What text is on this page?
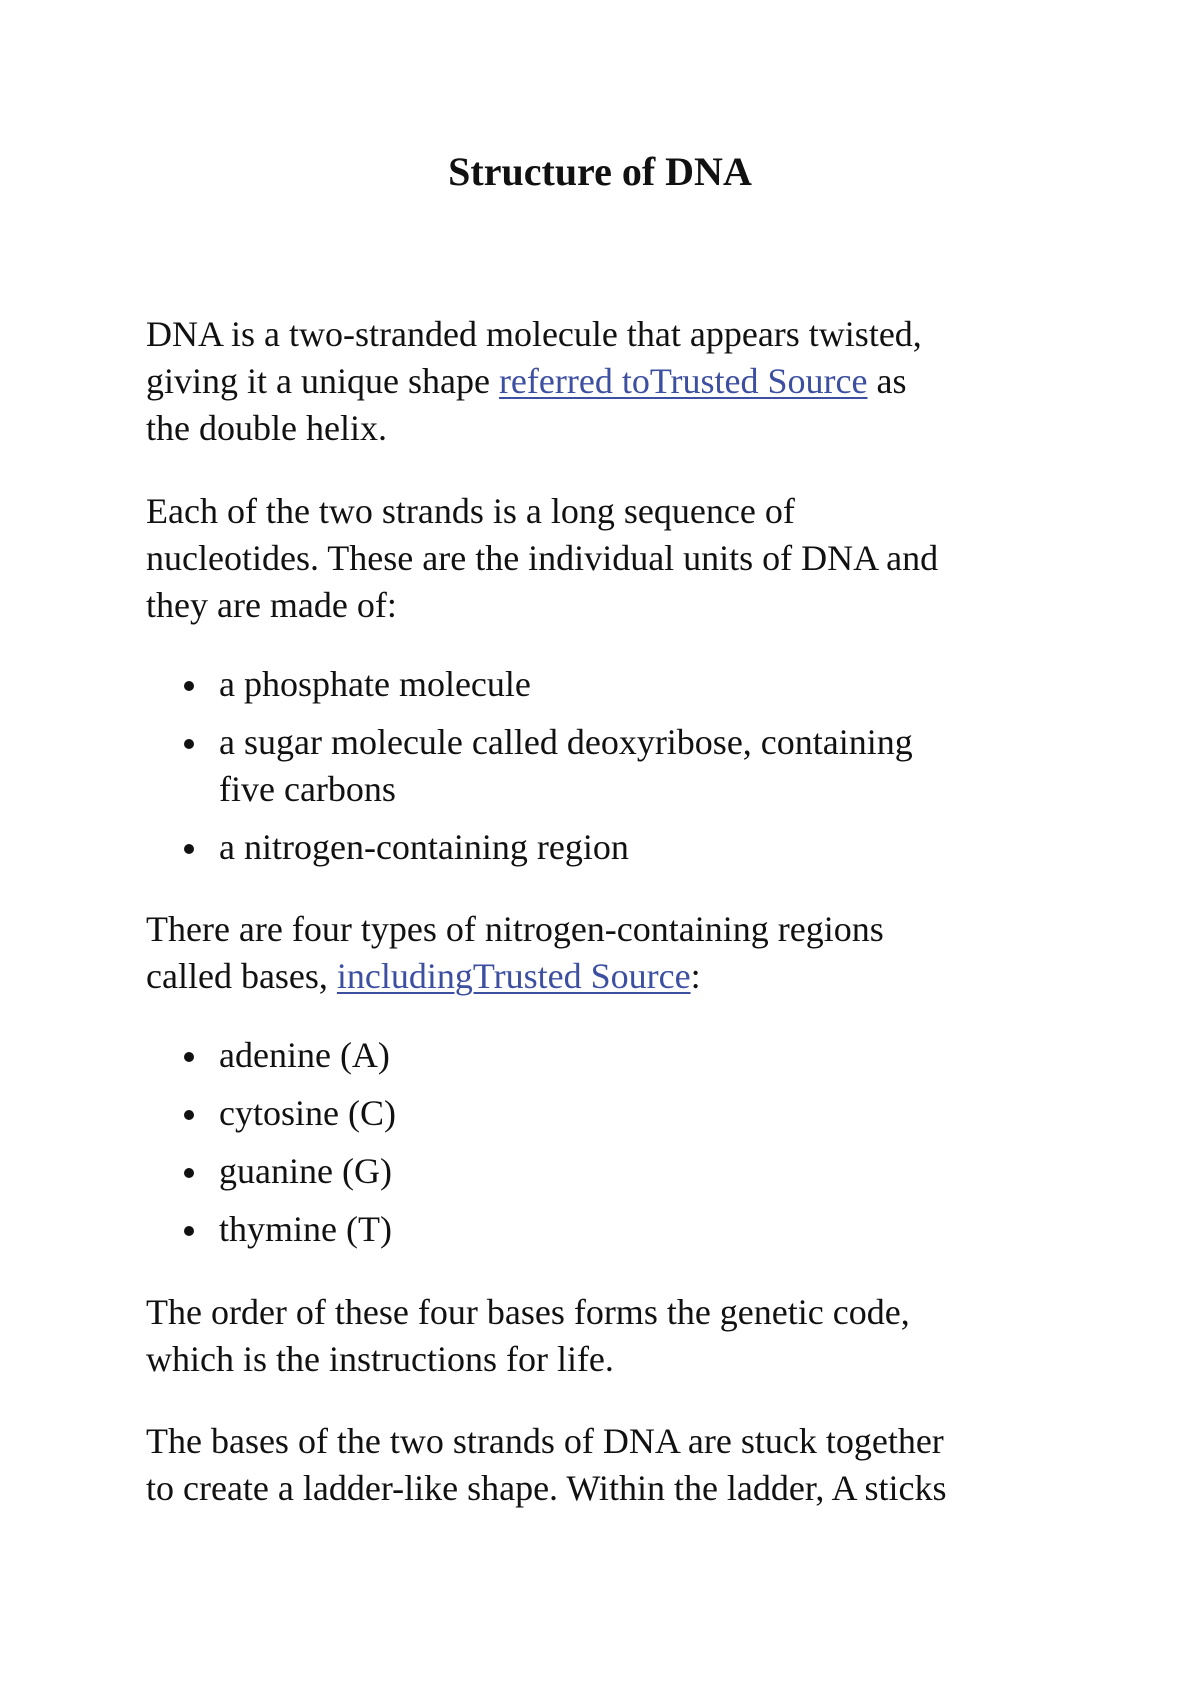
Structure of DNA

DNA is a two-stranded molecule that appears twisted,
giving it a unique shape referred toTrusted Source as
the double helix.

Each of the two strands is a long sequence of
nucleotides. These are the individual units of DNA and
they are made of:

a phosphate molecule
a sugar molecule called deoxyribose, containing
five carbons
a nitrogen-containing region

There are four types of nitrogen-containing regions
called bases, includingTrusted Source:

adenine (A)
cytosine (C)
guanine (G)
thymine (T)

The order of these four bases forms the genetic code,
which is the instructions for life.

The bases of the two strands of DNA are stuck together
to create a ladder-like shape. Within the ladder, A sticks
